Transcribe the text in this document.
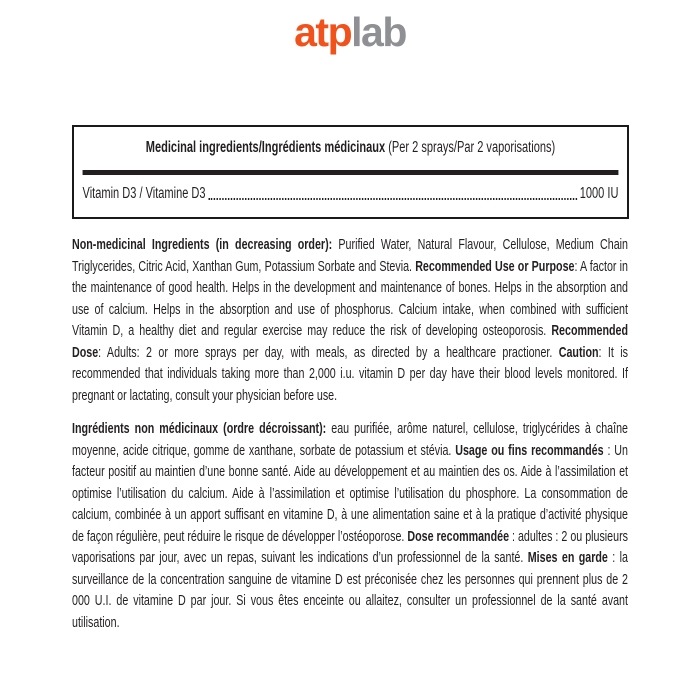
atplab
Medicinal ingredients/Ingrédients médicinaux (Per 2 sprays/Par 2 vaporisations)
Vitamin D3 / Vitamine D3	1000 IU

Non-medicinal Ingredients (in decreasing order): Purified Water, Natural Flavour, Cellulose, Medium Chain Triglycerides, Citric Acid, Xanthan Gum, Potassium Sorbate and Stevia. Recommended Use or Purpose: A factor in the maintenance of good health. Helps in the development and maintenance of bones. Helps in the absorption and use of calcium. Helps in the absorption and use of phosphorus. Calcium intake, when combined with sufficient Vitamin D, a healthy diet and regular exercise may reduce the risk of developing osteoporosis. Recommended Dose: Adults: 2 or more sprays per day, with meals, as directed by a healthcare practioner. Caution: It is recommended that individuals taking more than 2,000 i.u. vitamin D per day have their blood levels monitored. If pregnant or lactating, consult your physician before use.

Ingrédients non médicinaux (ordre décroissant): eau purifiée, arôme naturel, cellulose, triglycérides à chaîne moyenne, acide citrique, gomme de xanthane, sorbate de potassium et stévia. Usage ou fins recommandés : Un facteur positif au maintien d’une bonne santé. Aide au développement et au maintien des os. Aide à l’assimilation et optimise l’utilisation du calcium. Aide à l’assimilation et optimise l’utilisation du phosphore. La consommation de calcium, combinée à un apport suffisant en vitamine D, à une alimentation saine et à la pratique d’activité physique de façon régulière, peut réduire le risque de développer l’ostéoporose. Dose recommandée : adultes : 2 ou plusieurs vaporisations par jour, avec un repas, suivant les indications d’un professionnel de la santé. Mises en garde : la surveillance de la concentration sanguine de vitamine D est préconisée chez les personnes qui prennent plus de 2 000 U.I. de vitamine D par jour. Si vous êtes enceinte ou allaitez, consulter un professionnel de la santé avant utilisation.
